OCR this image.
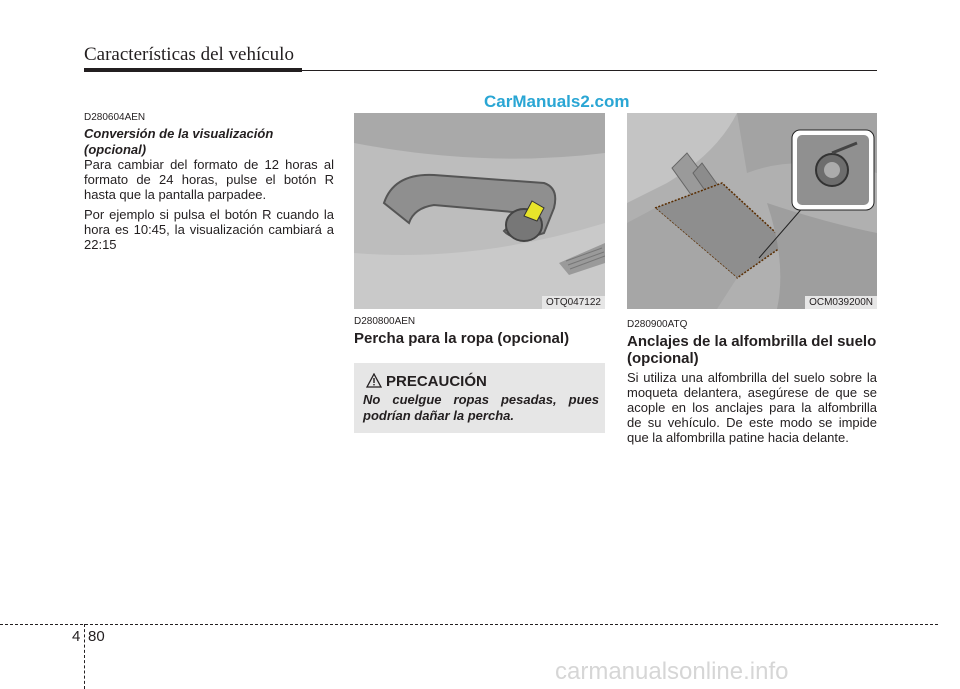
Características del vehículo
CarManuals2.com
D280604AEN
Conversión de la visualización (opcional)

Para cambiar del formato de 12 horas al formato de 24 horas, pulse el botón R hasta que la pantalla parpadee.

Por ejemplo si pulsa el botón R cuando la hora es 10:45, la visualización cambiará a 22:15

OTQ047122
D280800AEN
Percha para la ropa (opcional)
PRECAUCIÓN
No cuelgue ropas pesadas, pues podrían dañar la percha.
OCM039200N
D280900ATQ
Anclajes de la alfombrilla del suelo (opcional)
Si utiliza una alfombrilla del suelo sobre la moqueta delantera, asegúrese de que se acople en los anclajes para la alfombrilla de su vehículo. De este modo se impide que la alfombrilla patine hacia delante.
4 80
carmanualsonline.info
